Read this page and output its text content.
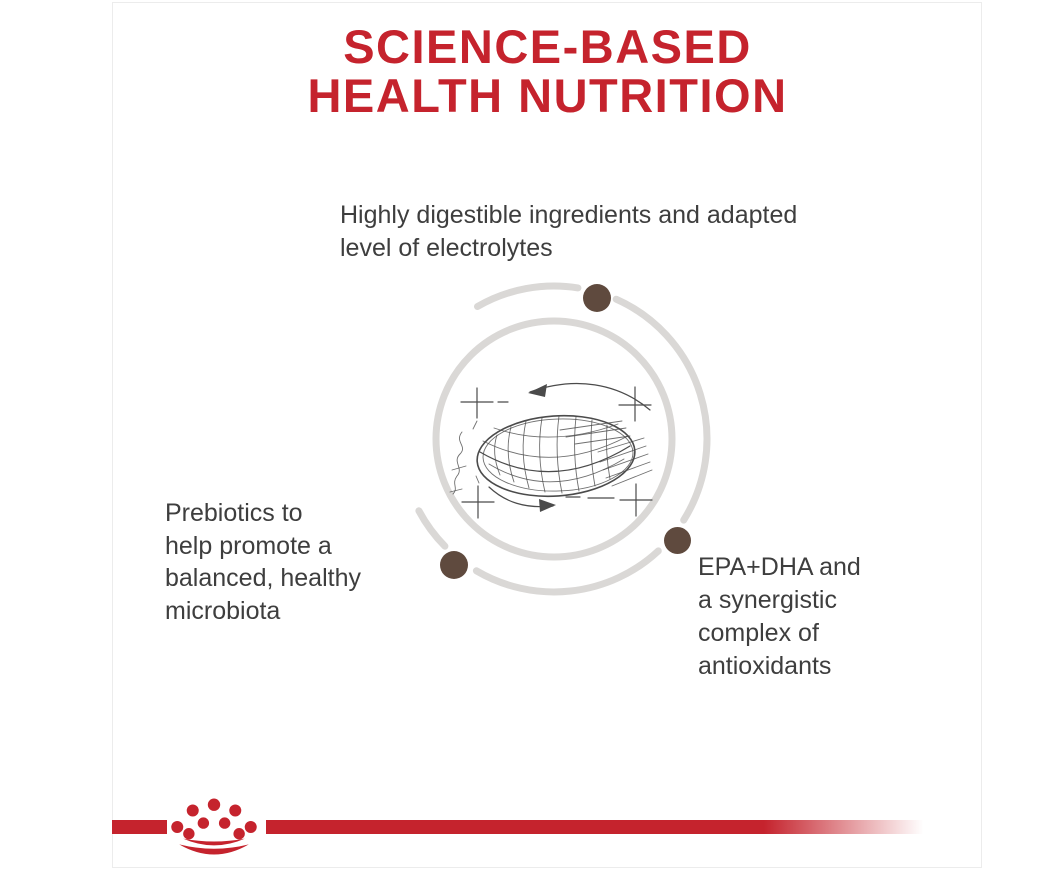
SCIENCE-BASED
HEALTH NUTRITION
Highly digestible ingredients and adapted
level of electrolytes
Prebiotics to
help promote a
balanced, healthy
microbiota
EPA+DHA and
a synergistic
complex of
antioxidants
